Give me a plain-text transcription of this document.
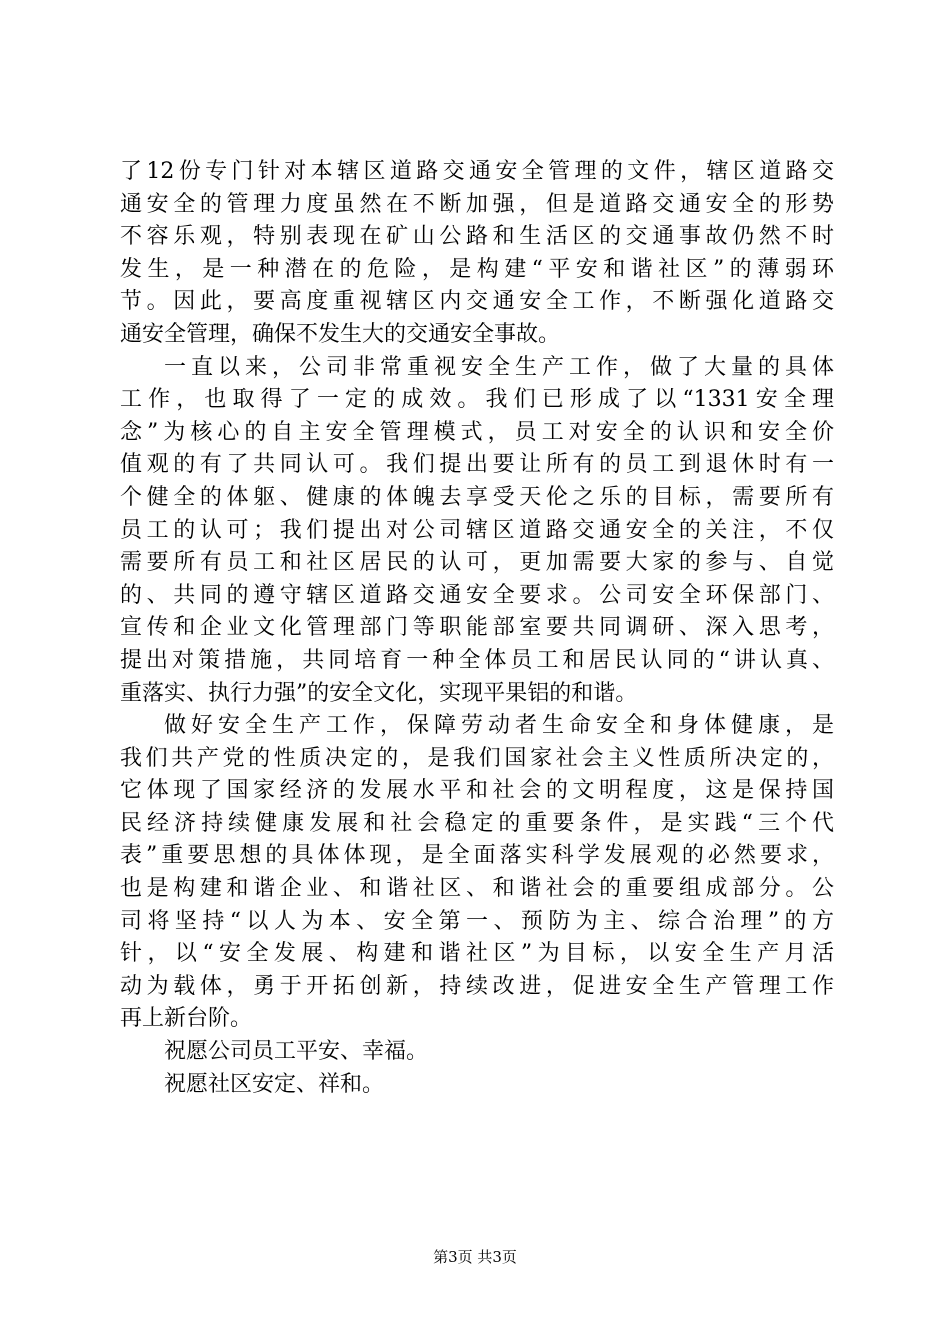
了12份专门针对本辖区道路交通安全管理的文件，辖区道路交
通安全的管理力度虽然在不断加强，但是道路交通安全的形势
不容乐观，特别表现在矿山公路和生活区的交通事故仍然不时
发生，是一种潜在的危险，是构建“平安和谐社区”的薄弱环
节。因此，要高度重视辖区内交通安全工作，不断强化道路交
通安全管理，确保不发生大的交通安全事故。
一直以来，公司非常重视安全生产工作，做了大量的具体
工作，也取得了一定的成效。我们已形成了以“1331安全理
念”为核心的自主安全管理模式，员工对安全的认识和安全价
值观的有了共同认可。我们提出要让所有的员工到退休时有一
个健全的体躯、健康的体魄去享受天伦之乐的目标，需要所有
员工的认可；我们提出对公司辖区道路交通安全的关注，不仅
需要所有员工和社区居民的认可，更加需要大家的参与、自觉
的、共同的遵守辖区道路交通安全要求。公司安全环保部门、
宣传和企业文化管理部门等职能部室要共同调研、深入思考，
提出对策措施，共同培育一种全体员工和居民认同的“讲认真、
重落实、执行力强”的安全文化，实现平果铝的和谐。
做好安全生产工作，保障劳动者生命安全和身体健康，是
我们共产党的性质决定的，是我们国家社会主义性质所决定的，
它体现了国家经济的发展水平和社会的文明程度，这是保持国
民经济持续健康发展和社会稳定的重要条件，是实践“三个代
表”重要思想的具体体现，是全面落实科学发展观的必然要求，
也是构建和谐企业、和谐社区、和谐社会的重要组成部分。公
司将坚持“以人为本、安全第一、预防为主、综合治理”的方
针，以“安全发展、构建和谐社区”为目标，以安全生产月活
动为载体，勇于开拓创新，持续改进，促进安全生产管理工作
再上新台阶。
祝愿公司员工平安、幸福。
祝愿社区安定、祥和。
第3页 共3页
